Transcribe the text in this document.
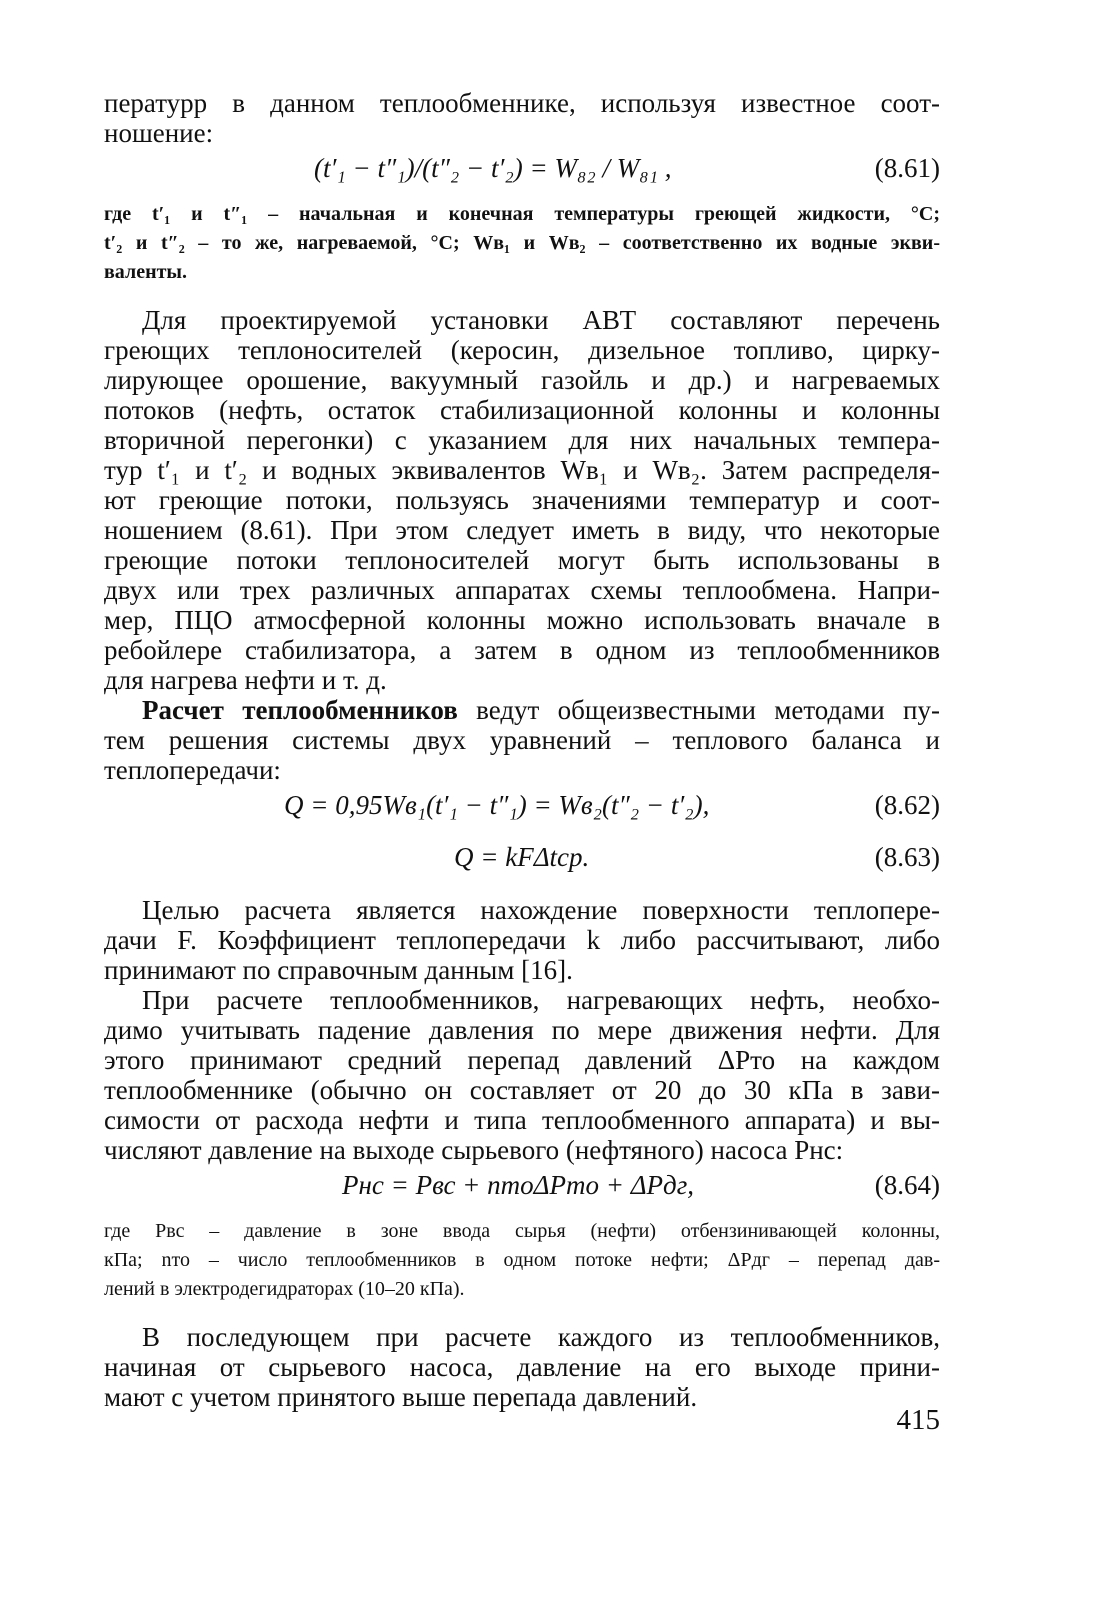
пературр в данном теплообменнике, используя известное соот-
ношение:
(t′₁ − t″₁)/(t″₂ − t′₂) = W₈₂ / W₈₁ ,	(8.61)
где t′₁ и t″₁ – начальная и конечная температуры греющей жидкости, °С;
t′₂ и t″₂ – то же, нагреваемой, °С; Wв₁ и Wв₂ – соответственно их водные экви-
валенты.
Для проектируемой установки АВТ составляют перечень
греющих теплоносителей (керосин, дизельное топливо, цирку-
лирующее орошение, вакуумный газойль и др.) и нагреваемых
потоков (нефть, остаток стабилизационной колонны и колонны
вторичной перегонки) с указанием для них начальных темпера-
тур t′₁ и t′₂ и водных эквивалентов Wв₁ и Wв₂. Затем распределя-
ют греющие потоки, пользуясь значениями температур и соот-
ношением (8.61). При этом следует иметь в виду, что некоторые
греющие потоки теплоносителей могут быть использованы в
двух или трех различных аппаратах схемы теплообмена. Напри-
мер, ПЦО атмосферной колонны можно использовать вначале в
ребойлере стабилизатора, а затем в одном из теплообменников
для нагрева нефти и т. д.
Расчет теплообменников ведут общеизвестными методами пу-
тем решения системы двух уравнений – теплового баланса и
теплопередачи:
Q = 0,95Wв₁(t′₁ − t″₁) = Wв₂(t″₂ − t′₂),	(8.62)
Q = kFΔtср.	(8.63)
Целью расчета является нахождение поверхности теплопере-
дачи F. Коэффициент теплопередачи k либо рассчитывают, либо
принимают по справочным данным [16].
При расчете теплообменников, нагревающих нефть, необхо-
димо учитывать падение давления по мере движения нефти. Для
этого принимают средний перепад давлений ΔPто на каждом
теплообменнике (обычно он составляет от 20 до 30 кПа в зави-
симости от расхода нефти и типа теплообменного аппарата) и вы-
числяют давление на выходе сырьевого (нефтяного) насоса Pнс:
Pнс = Pвс + nтоΔPто + ΔPдг,	(8.64)
где Pвс – давление в зоне ввода сырья (нефти) отбензинивающей колонны,
кПа; nто – число теплообменников в одном потоке нефти; ΔPдг – перепад дав-
лений в электродегидраторах (10–20 кПа).
В последующем при расчете каждого из теплообменников,
начиная от сырьевого насоса, давление на его выходе прини-
мают с учетом принятого выше перепада давлений.
415
